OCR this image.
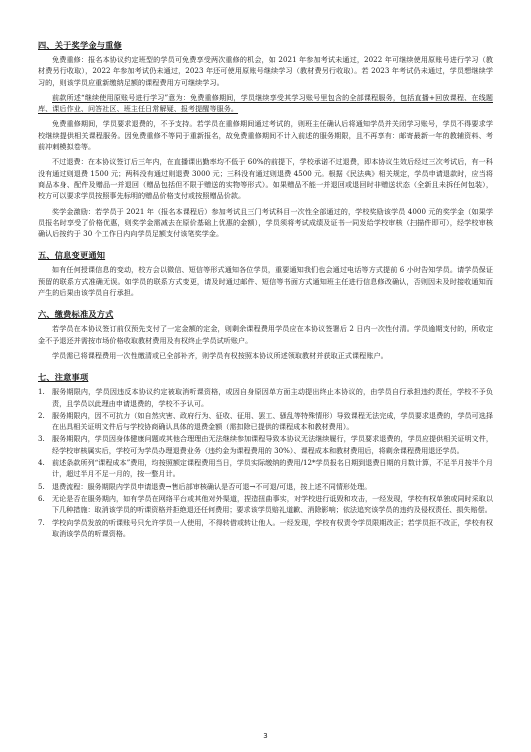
四、关于奖学金与重修

免费重修：报名本协议约定班型的学员可免费享受两次重修的机会，如 2021 年参加考试未通过，2022 年可继续使用原账号进行学习（教材费另行收取），2022 年参加考试仍未通过，2023 年还可使用原账号继续学习（教材费另行收取）。若 2023 年考试仍未通过，学员想继续学习的，则该学员应重新缴纳足额的课程费用方可继续学习。

前款所述“继续使用原账号进行学习”意为：免费重修期间，学员继续享受其学习账号里包含的全部课程服务，包括直播+回放课程、在线题库、课后作业、问答社区、班主任日常解疑、报考提醒等服务。

免费重修期间，学员要求退费的，不予支持。若学员在重修期间通过考试的，则班主任确认后将通知学员并关闭学习账号，学员不得要求学校继续提供相关课程服务。因免费重修不等同于重新报名，故免费重修期间不计入前述的服务期限，且不再享有：邮寄最新一年的教辅资料、考前冲刺模拟卷等。

不过退费：在本协议签订后三年内，在直播课出勤率均不低于 60%的前提下，学校承诺不过退费，即本协议生效后经过三次考试后，有一科没有通过则退费 1500 元；两科没有通过则退费 3000 元；三科没有通过则退费 4500 元。根据《民法典》相关规定，学员申请退款时，应当将商品本身、配件及赠品一并退回（赠品包括但不限于赠送的实物等形式）。如果赠品不能一并退回或退回时非赠送状态（全新且未拆任何包装），校方可以要求学员按照事先标明的赠品价格支付或按照赠品价款。

奖学金激励：若学员于 2021 年（报名本课程后）参加考试且三门考试科目一次性全部通过的，学校奖励该学员 4000 元的奖学金（如果学员报名时享受了价格优惠，则奖学金需减去在原价基础上优惠的金额），学员须将考试成绩及证书一同发给学校审核（扫描件即可），经学校审核确认后按约于 30 个工作日内向学员足额支付该笔奖学金。

五、信息变更通知

如有任何授课信息的变动，校方会以微信、短信等形式通知各位学员，重要通知我们也会通过电话等方式提前 6 小时告知学员。请学员保证预留的联系方式准确无误。如学员的联系方式变更，请及时通过邮件、短信等书面方式通知班主任进行信息修改确认，否则因未及时接收通知而产生的后果由该学员自行承担。

六、缴费标准及方式

若学员在本协议签订前仅预先支付了一定金额的定金，则剩余课程费用学员应在本协议签署后 2 日内一次性付清。学员逾期支付的，所收定金不予退还并需按市场价格收取教材费用及有权终止学员试听账户。

学员需已将课程费用一次性缴清或已全部补齐，则学员有权按照本协议所述领取教材并获取正式课程账户。

七、注意事项
1. 服务期限内，学员因违反本协议约定被取消听课资格，或因自身原因单方面主动提出终止本协议的，由学员自行承担违约责任，学校不予负责，且学员以此理由申请退费的，学校不予认可。
2. 服务期限内，因不可抗力（如自然灾害、政府行为、征收、征用、罢工、骚乱等特殊情形）导致课程无法完成，学员要求退费的，学员可选择在出具相关证明文件后与学校协商确认具体的退费金额（需扣除已提供的课程成本和教材费用）。
3. 服务期限内，学员因身体健康问题或其他合理理由无法继续参加课程导致本协议无法继续履行，学员要求退费的，学员应提供相关证明文件，经学校审核属实后，学校可为学员办理退费业务（违约金为课程费用的 30%）、课程成本和教材费用后，将剩余课程费用退还学员。
4. 前述条款所列“课程成本”费用，均按照额定课程费用当日，学员实际缴纳的费用/12*学员报名日期到退费日期的月数计算，不足半月按半个月计，超过半月不足一月的，按一整月计。
5. 退费流程：服务期限内学员申请退费→售后部审核确认是否可退→不可退/可退，按上述不同情形处理。
6. 无论是否在服务期内，如有学员在网络平台或其他对外渠道，捏造扭曲事实，对学校进行诋毁和攻击，一经发现，学校有权单独或同时采取以下几种措施：取消该学员的听课资格并拒绝退还任何费用；要求该学员赔礼道歉、消除影响；依法追究该学员的违约及侵权责任、损失赔偿。
7. 学校向学员发放的听课账号只允许学员一人使用，不得转借或转让他人。一经发现，学校有权责令学员限期改正；若学员拒不改正，学校有权取消该学员的听课资格。
3
